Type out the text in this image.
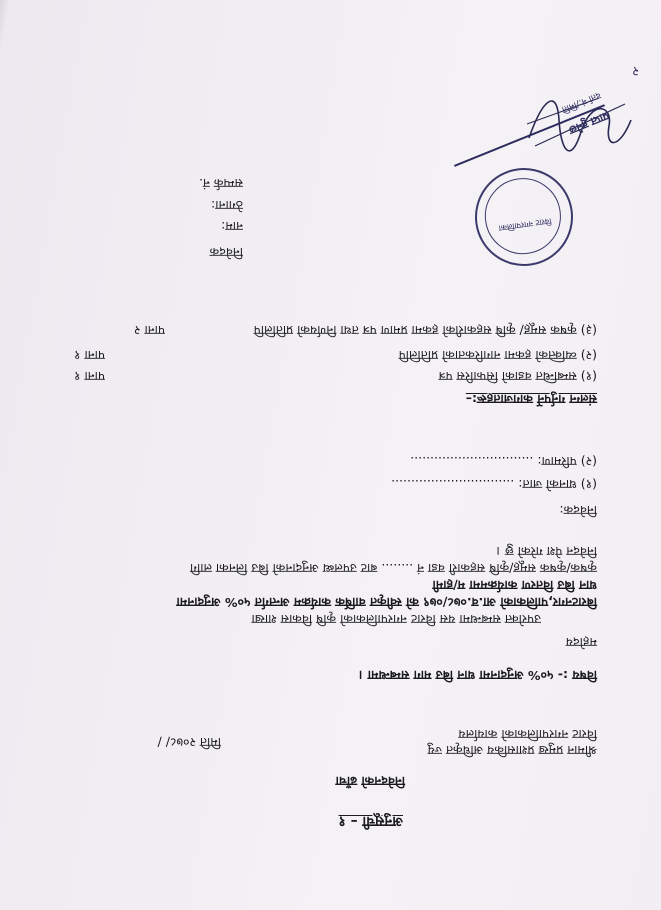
अनुसूची – १
निवेदनको ढाँचा
श्रीमान प्रमुख प्रशासकिय अधिकृत ज्यु
विराट नगरपालिकाको कार्यालय
मिति २०७८/ /
विषय :- ५०% अनुदानमा धान बिउ माग सम्बन्धमा ।
महोदय
उपरोक्त सम्बन्धमा यस विराट नगरपालिकाको कृषि विकास शाखा
बिराटनगर,पालिकाको आ.व.०७८/०७९ को स्वीकृत वार्षिक कार्यक्रम अन्तर्गत ५०% अनुदानमा
धान बिउ वितरण कार्यक्रममा म/हामी
कृषक/कृषक समूह/कृषि सहकारी वडा नं ........ बाट उपलब्ध अनुदानको बिउ लिनका लागि
निवेदन पेश गरेको छु ।
निवेदक:
(१) धानको जात: ...............................
(२) परिमाण: ...............................
संलग्न गर्नुपर्ने कागजातहरू:–
(१) सम्बन्धित वडाको सिफारिस पत्र
पाना १
(२) व्यक्तिको हकमा नागरिकताको प्रतिलिपि
पाना १
(३) कृषक समूह/ कृषि सहकारीको हकमा प्रमाण पत्र तथा निर्णयको प्रतिलिपि
पाना २
निवेदक
नाम:
ठेगाना:
सम्पर्क नं.
विराट नगरपालिका
प्राप्त हुनेछ
दर्ता नं./मिति
२
